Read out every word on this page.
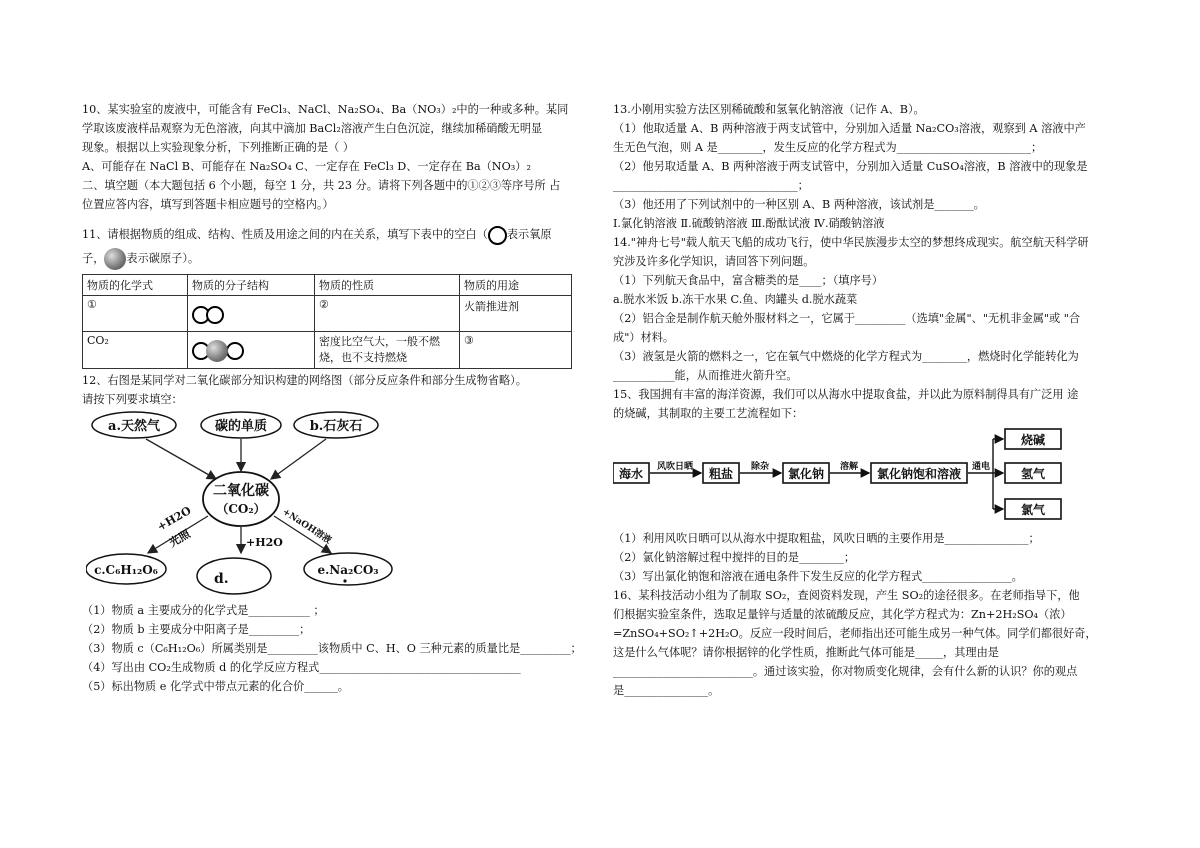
10、某实验室的废液中，可能含有 FeCl₃、NaCl、Na₂SO₄、Ba（NO₃）₂中的一种或多种。某同

学取该废液样品观察为无色溶液，向其中滴加 BaCl₂溶液产生白色沉淀，继续加稀硝酸无明显

现象。根据以上实验现象分析，下列推断正确的是（ ）

A、可能存在 NaCl B、可能存在 Na₂SO₄ C、一定存在 FeCl₃ D、一定存在 Ba（NO₃）₂

二、填空题（本大题包括 6 个小题，每空 1 分，共 23 分。请将下列各题中的①②③等序号所 占

位置应答内容，填写到答题卡相应题号的空格内。）

11、请根据物质的组成、结构、性质及用途之间的内在关系，填写下表中的空白（ 表示氧原

子， 表示碳原子）。

物质的化学式	物质的分子结构	物质的性质	物质的用途
①		②	火箭推进剂
CO₂		密度比空气大，一般不燃烧，也不支持燃烧	③

12、右图是某同学对二氧化碳部分知识构建的网络图（部分反应条件和部分生成物省略）。

请按下列要求填空：

a.天然气	碳的单质	b.石灰石
二氧化碳
（CO₂）
+H2O
光照	+H2O
+NaOH溶液
c.C₆H₁₂O₆
d.
e.Na₂CO₃

（1）物质 a 主要成分的化学式是___________ ；

（2）物质 b 主要成分中阳离子是_________；

（3）物质 c（C₆H₁₂O₆）所属类别是_________该物质中 C、H、O 三种元素的质量比是_________；

（4）写出由 CO₂生成物质 d 的化学反应方程式____________________________________

（5）标出物质 e 化学式中带点元素的化合价______。

13.小刚用实验方法区别稀硫酸和氢氧化钠溶液（记作 A、B）。

（1）他取适量 A、B 两种溶液于两支试管中，分别加入适量 Na₂CO₃溶液，观察到 A 溶液中产

生无色气泡，则 A 是________，发生反应的化学方程式为________________________；

（2）他另取适量 A、B 两种溶液于两支试管中，分别加入适量 CuSO₄溶液，B 溶液中的现象是

_________________________________；

（3）他还用了下列试剂中的一种区别 A、B 两种溶液，该试剂是_______。

Ⅰ.氯化钠溶液 Ⅱ.硫酸钠溶液 Ⅲ.酚酞试液 Ⅳ.硝酸钠溶液

14."神舟七号"载人航天飞船的成功飞行，使中华民族漫步太空的梦想终成现实。航空航天科学研

究涉及许多化学知识，请回答下列问题。

（1）下列航天食品中，富含糖类的是____；（填序号）

a.脱水米饭 b.冻干水果 C.鱼、肉罐头 d.脱水蔬菜

（2）铝合金是制作航天舱外服材料之一，它属于_________（选填"金属"、"无机非金属"或 "合

成"）材料。

（3）液氢是火箭的燃料之一，它在氧气中燃烧的化学方程式为________，燃烧时化学能转化为

___________能，从而推进火箭升空。

15、我国拥有丰富的海洋资源，我们可以从海水中提取食盐，并以此为原料制得具有广泛用 途

的烧碱，其制取的主要工艺流程如下：

海水 风吹日晒 粗盐 除杂 氯化钠 溶解 氯化钠饱和溶液 通电
烧碱
氢气
氯气

（1）利用风吹日晒可以从海水中提取粗盐，风吹日晒的主要作用是_______________；

（2）氯化钠溶解过程中搅拌的目的是________；

（3）写出氯化钠饱和溶液在通电条件下发生反应的化学方程式________________。

16、某科技活动小组为了制取 SO₂，查阅资料发现，产生 SO₂的途径很多。在老师指导下，他

们根据实验室条件，选取足量锌与适量的浓硫酸反应，其化学方程式为：Zn+2H₂SO₄（浓）

=ZnSO₄+SO₂↑+2H₂O。反应一段时间后，老师指出还可能生成另一种气体。同学们都很好奇，

这是什么气体呢？请你根据锌的化学性质，推断此气体可能是_____，其理由是

_________________________。通过该实验，你对物质变化规律，会有什么新的认识？你的观点

是_______________。
